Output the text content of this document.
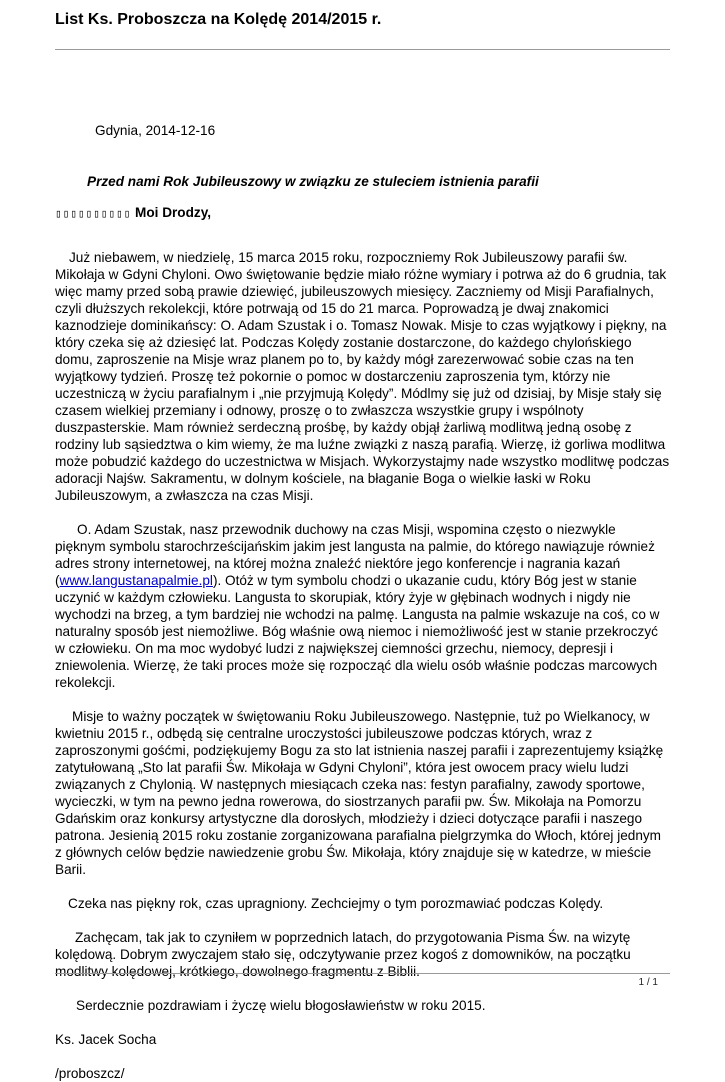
List Ks. Proboszcza na Kolędę 2014/2015 r.

Gdynia, 2014-12-16

Przed nami Rok Jubileuszowy w związku ze stuleciem istnienia parafii

▯▯▯▯▯▯▯▯▯▯ Moi Drodzy,

Już niebawem, w niedzielę, 15 marca 2015 roku, rozpoczniemy Rok Jubileuszowy parafii św. Mikołaja w Gdyni Chyloni. Owo świętowanie będzie miało różne wymiary i potrwa aż do 6 grudnia, tak więc mamy przed sobą prawie dziewięć, jubileuszowych miesięcy. Zaczniemy od Misji Parafialnych, czyli dłuższych rekolekcji, które potrwają od 15 do 21 marca. Poprowadzą je dwaj znakomici kaznodzieje dominikańscy: O. Adam Szustak i o. Tomasz Nowak. Misje to czas wyjątkowy i piękny, na który czeka się aż dziesięć lat. Podczas Kolędy zostanie dostarczone, do każdego chylońskiego domu, zaproszenie na Misje wraz planem po to, by każdy mógł zarezerwować sobie czas na ten wyjątkowy tydzień. Proszę też pokornie o pomoc w dostarczeniu zaproszenia tym, którzy nie uczestniczą w życiu parafialnym i „nie przyjmują Kolędy”. Módlmy się już od dzisiaj, by Misje stały się czasem wielkiej przemiany i odnowy, proszę o to zwłaszcza wszystkie grupy i wspólnoty duszpasterskie. Mam również serdeczną prośbę, by każdy objął żarliwą modlitwą jedną osobę z rodziny lub sąsiedztwa o kim wiemy, że ma luźne związki z naszą parafią. Wierzę, iż gorliwa modlitwa może pobudzić każdego do uczestnictwa w Misjach. Wykorzystajmy nade wszystko modlitwę podczas adoracji Najśw. Sakramentu, w dolnym kościele, na błaganie Boga o wielkie łaski w Roku Jubileuszowym, a zwłaszcza na czas Misji.

O. Adam Szustak, nasz przewodnik duchowy na czas Misji, wspomina często o niezwykle pięknym symbolu starochrześcijańskim jakim jest langusta na palmie, do którego nawiązuje również adres strony internetowej, na której można znaleźć niektóre jego konferencje i nagrania kazań (www.langustanapalmie.pl). Otóż w tym symbolu chodzi o ukazanie cudu, który Bóg jest w stanie uczynić w każdym człowieku. Langusta to skorupiak, który żyje w głębinach wodnych i nigdy nie wychodzi na brzeg, a tym bardziej nie wchodzi na palmę. Langusta na palmie wskazuje na coś, co w naturalny sposób jest niemożliwe. Bóg właśnie ową niemoc i niemożliwość jest w stanie przekroczyć w człowieku. On ma moc wydobyć ludzi z największej ciemności grzechu, niemocy, depresji i zniewolenia. Wierzę, że taki proces może się rozpocząć dla wielu osób właśnie podczas marcowych rekolekcji.

Misje to ważny początek w świętowaniu Roku Jubileuszowego. Następnie, tuż po Wielkanocy, w kwietniu 2015 r., odbędą się centralne uroczystości jubileuszowe podczas których, wraz z zaproszonymi gośćmi, podziękujemy Bogu za sto lat istnienia naszej parafii i zaprezentujemy książkę zatytułowaną „Sto lat parafii Św. Mikołaja w Gdyni Chyloni”, która jest owocem pracy wielu ludzi związanych z Chylonią. W następnych miesiącach czeka nas: festyn parafialny, zawody sportowe, wycieczki, w tym na pewno jedna rowerowa, do siostrzanych parafii pw. Św. Mikołaja na Pomorzu Gdańskim oraz konkursy artystyczne dla dorosłych, młodzieży i dzieci dotyczące parafii i naszego patrona. Jesienią 2015 roku zostanie zorganizowana parafialna pielgrzymka do Włoch, której jednym z głównych celów będzie nawiedzenie grobu Św. Mikołaja, który znajduje się w katedrze, w mieście Barii.

Czeka nas piękny rok, czas upragniony. Zechciejmy o tym porozmawiać podczas Kolędy.

Zachęcam, tak jak to czyniłem w poprzednich latach, do przygotowania Pisma Św. na wizytę kolędową. Dobrym zwyczajem stało się, odczytywanie przez kogoś z domowników, na początku modlitwy kolędowej, krótkiego, dowolnego fragmentu z Biblii.

Serdecznie pozdrawiam i życzę wielu błogosławieństw w roku 2015.

Ks. Jacek Socha

/proboszcz/

1 / 1
